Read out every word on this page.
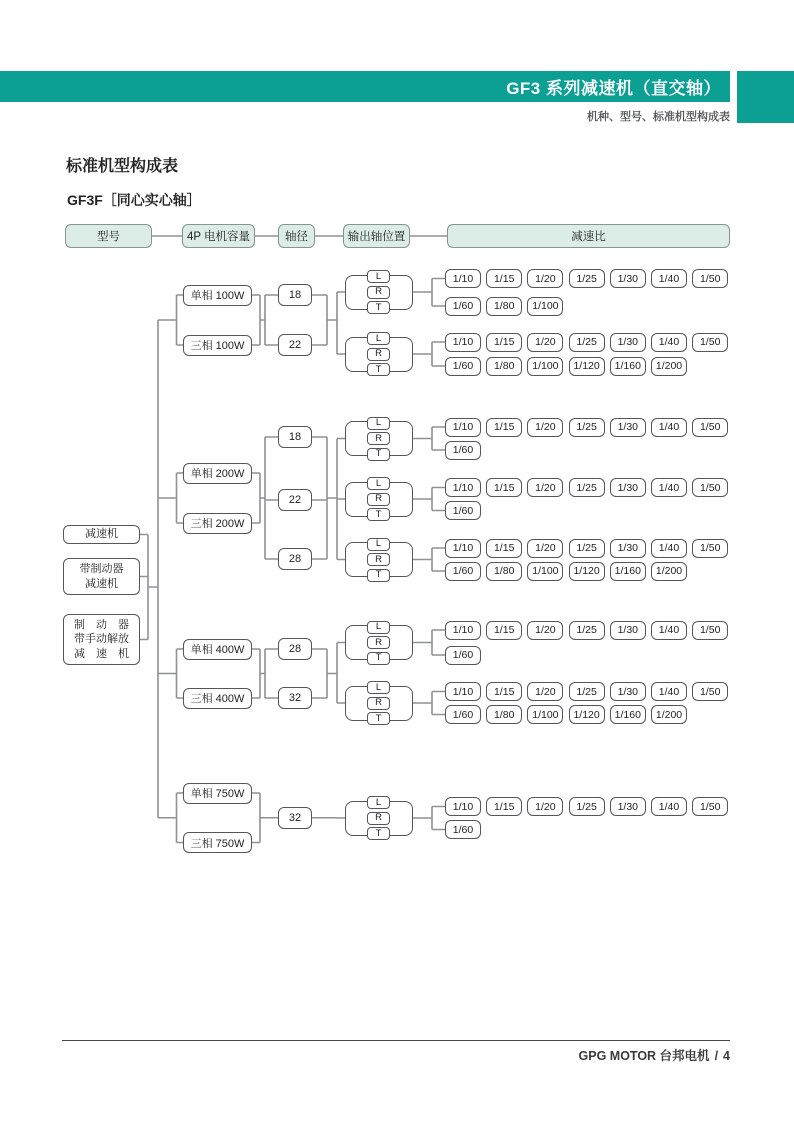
GF3 系列减速机（直交轴）
机种、型号、标准机型构成表
标准机型构成表
GF3F［同心实心轴］
型号	4P 电机容量	轴径	输出轴位置	减速比
减速机
带制动器
减速机
制　动　器
带手动解放
减　速　机
单相 100W
三相 100W
18
22
L
R
T
1/10	1/15	1/20	1/25	1/30	1/40	1/50
1/60	1/80	1/100
L
R
T
1/10	1/15	1/20	1/25	1/30	1/40	1/50
1/60	1/80	1/100	1/120	1/160	1/200
单相 200W
三相 200W
18
22
28
L
R
T
1/10	1/15	1/20	1/25	1/30	1/40	1/50
1/60
L
R
T
1/10	1/15	1/20	1/25	1/30	1/40	1/50
1/60
L
R
T
1/10	1/15	1/20	1/25	1/30	1/40	1/50
1/60	1/80	1/100	1/120	1/160	1/200
单相 400W
三相 400W
28
32
L
R
T
1/10	1/15	1/20	1/25	1/30	1/40	1/50
1/60
L
R
T
1/10	1/15	1/20	1/25	1/30	1/40	1/50
1/60	1/80	1/100	1/120	1/160	1/200
单相 750W
三相 750W
32
L
R
T
1/10	1/15	1/20	1/25	1/30	1/40	1/50
1/60
GPG MOTOR 台邦电机 / 4
